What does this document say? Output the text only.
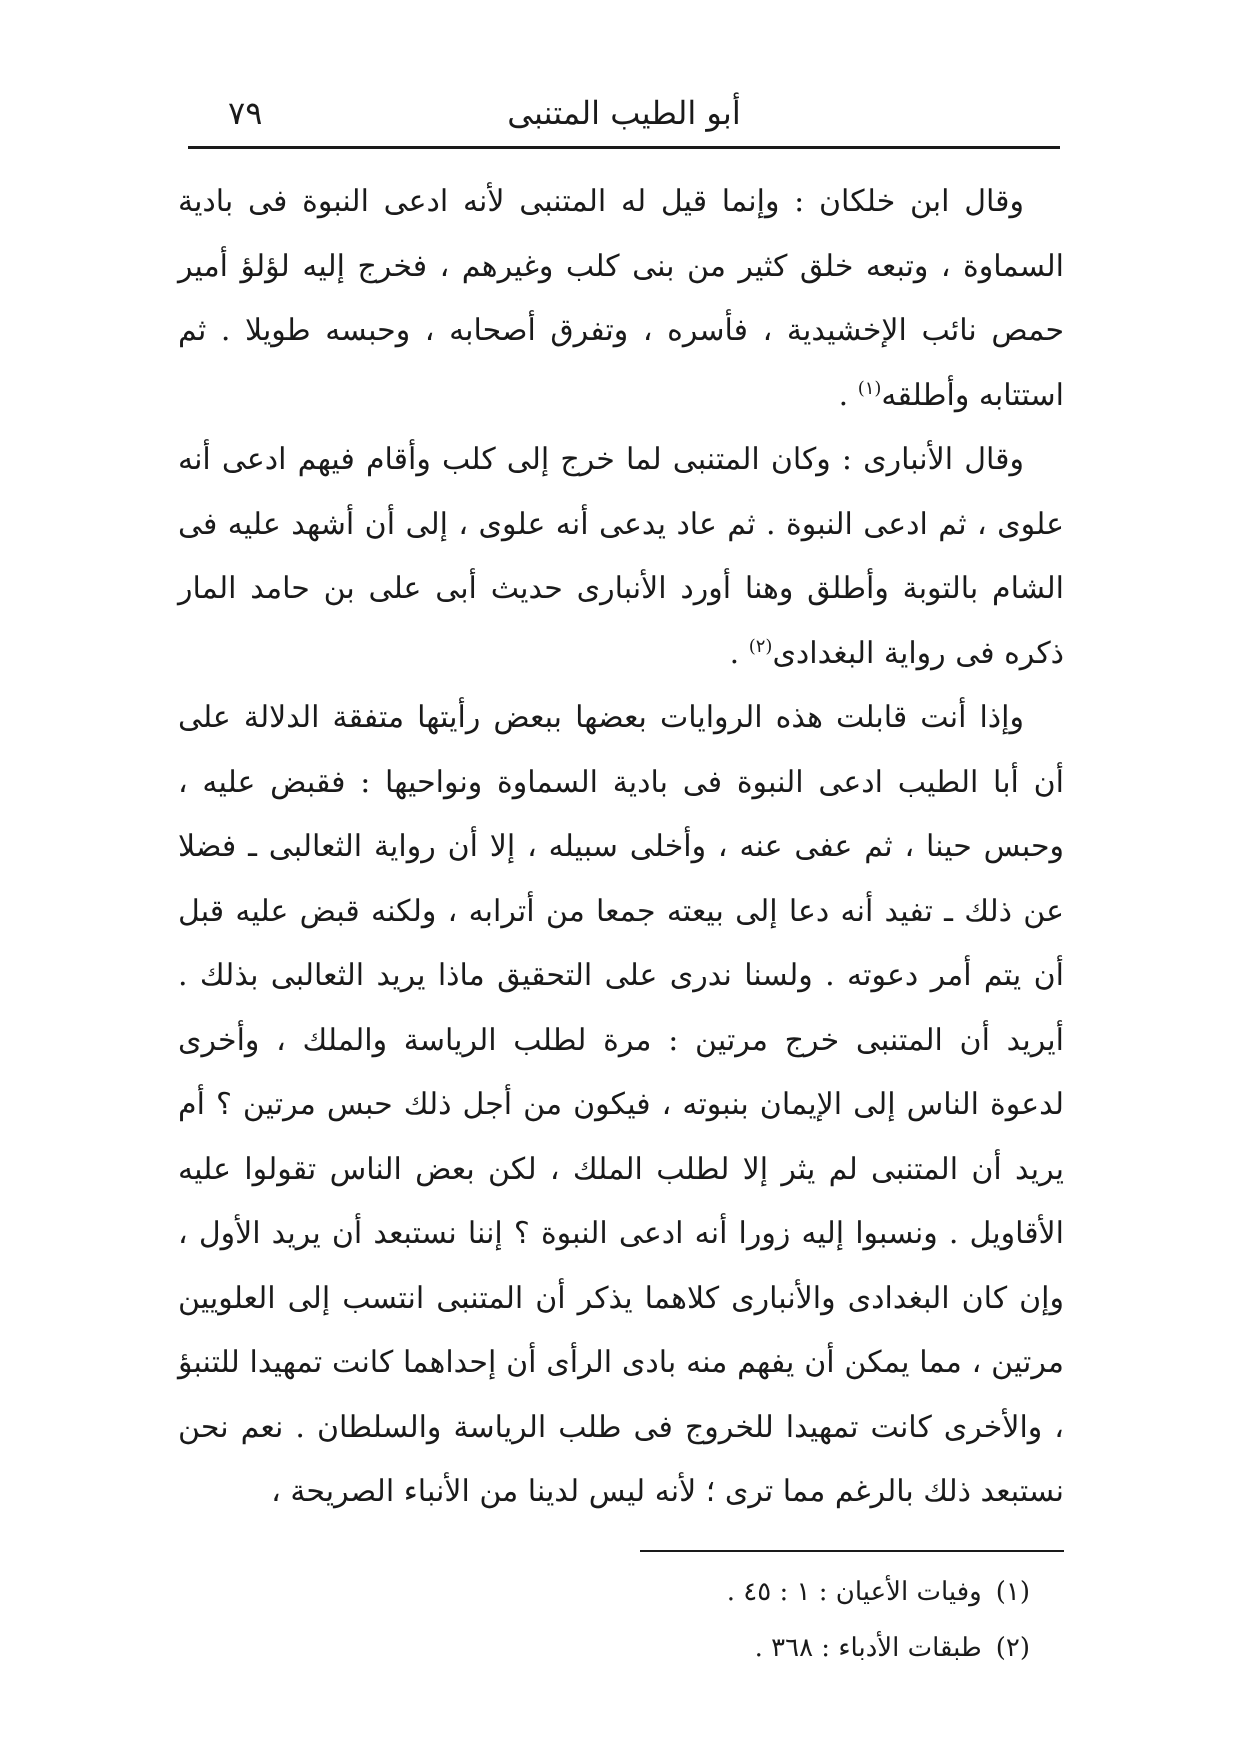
أبو الطيب المتنبى
٧٩

وقال ابن خلكان : وإنما قيل له المتنبى لأنه ادعى النبوة فى بادية السماوة ، وتبعه خلق كثير من بنى كلب وغيرهم ، فخرج إليه لؤلؤ أمير حمص نائب الإخشيدية ، فأسره ، وتفرق أصحابه ، وحبسه طويلا . ثم استتابه وأطلقه$^{(١)}$ .

وقال الأنبارى : وكان المتنبى لما خرج إلى كلب وأقام فيهم ادعى أنه علوى ، ثم ادعى النبوة . ثم عاد يدعى أنه علوى ، إلى أن أشهد عليه فى الشام بالتوبة وأطلق وهنا أورد الأنبارى حديث أبى على بن حامد المار ذكره فى رواية البغدادى$^{(٢)}$ .

وإذا أنت قابلت هذه الروايات بعضها ببعض رأيتها متفقة الدلالة على أن أبا الطيب ادعى النبوة فى بادية السماوة ونواحيها : فقبض عليه ، وحبس حينا ، ثم عفى عنه ، وأخلى سبيله ، إلا أن رواية الثعالبى ـ فضلا عن ذلك ـ تفيد أنه دعا إلى بيعته جمعا من أترابه ، ولكنه قبض عليه قبل أن يتم أمر دعوته . ولسنا ندرى على التحقيق ماذا يريد الثعالبى بذلك . أيريد أن المتنبى خرج مرتين : مرة لطلب الرياسة والملك ، وأخرى لدعوة الناس إلى الإيمان بنبوته ، فيكون من أجل ذلك حبس مرتين ؟ أم يريد أن المتنبى لم يثر إلا لطلب الملك ، لكن بعض الناس تقولوا عليه الأقاويل . ونسبوا إليه زورا أنه ادعى النبوة ؟ إننا نستبعد أن يريد الأول ، وإن كان البغدادى والأنبارى كلاهما يذكر أن المتنبى انتسب إلى العلويين مرتين ، مما يمكن أن يفهم منه بادى الرأى أن إحداهما كانت تمهيدا للتنبؤ ، والأخرى كانت تمهيدا للخروج فى طلب الرياسة والسلطان . نعم نحن نستبعد ذلك بالرغم مما ترى ؛ لأنه ليس لدينا من الأنباء الصريحة ،

(١)وفيات الأعيان : ١ : ٤٥ .
(٢)طبقات الأدباء : ٣٦٨ .
